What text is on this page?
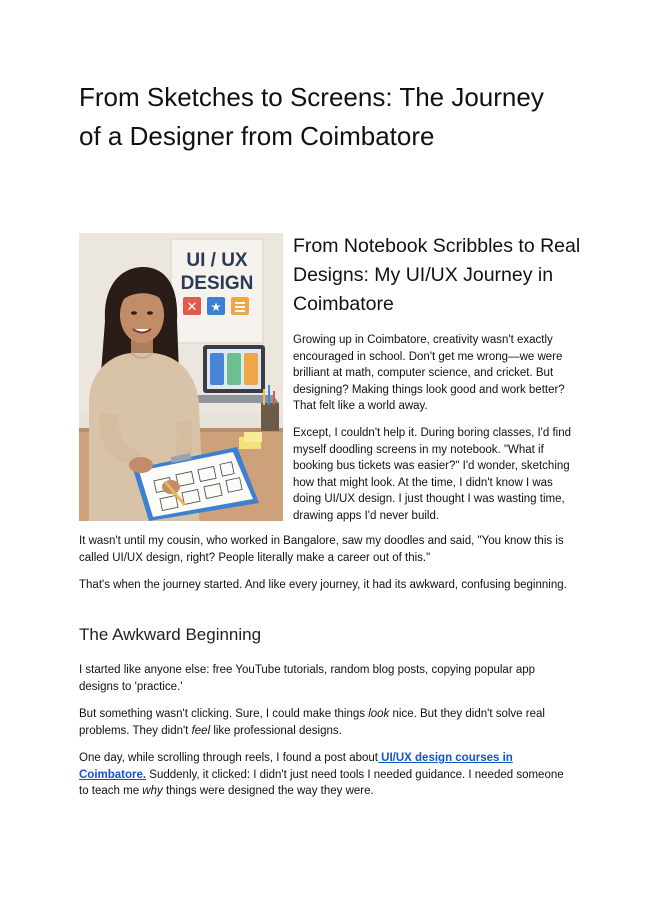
From Sketches to Screens: The Journey of a Designer from Coimbatore
UI / UX
DESIGN
✕ ★
From Notebook Scribbles to Real Designs: My UI/UX Journey in Coimbatore

Growing up in Coimbatore, creativity wasn't exactly encouraged in school. Don't get me wrong—we were brilliant at math, computer science, and cricket. But designing? Making things look good and work better? That felt like a world away.

Except, I couldn't help it. During boring classes, I'd find myself doodling screens in my notebook. "What if booking bus tickets was easier?" I'd wonder, sketching how that might look. At the time, I didn't know I was doing UI/UX design. I just thought I was wasting time, drawing apps I'd never build.

It wasn't until my cousin, who worked in Bangalore, saw my doodles and said, "You know this is called UI/UX design, right? People literally make a career out of this."

That's when the journey started. And like every journey, it had its awkward, confusing beginning.

The Awkward Beginning

I started like anyone else: free YouTube tutorials, random blog posts, copying popular app designs to 'practice.'

But something wasn't clicking. Sure, I could make things look nice. But they didn't solve real problems. They didn't feel like professional designs.

One day, while scrolling through reels, I found a post about UI/UX design courses in Coimbatore. Suddenly, it clicked: I didn't just need tools I needed guidance. I needed someone to teach me why things were designed the way they were.
